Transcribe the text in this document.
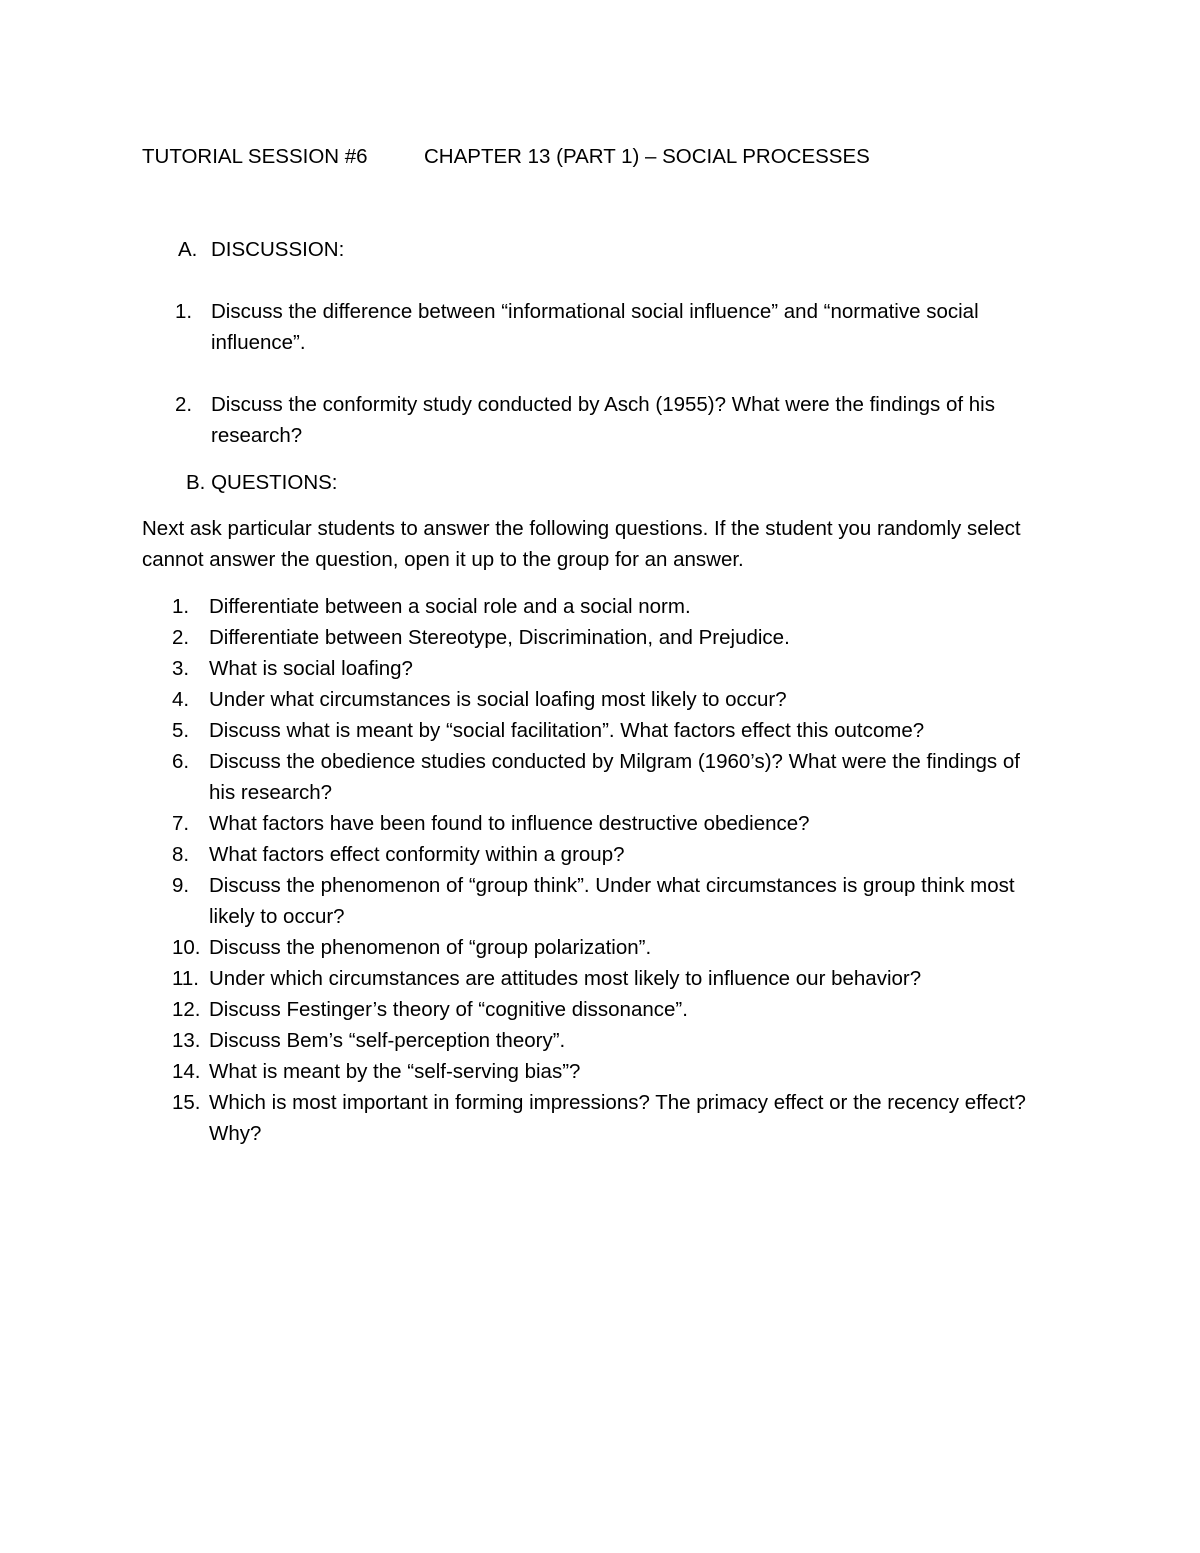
TUTORIAL SESSION #6	CHAPTER 13 (PART 1) – SOCIAL PROCESSES
A. DISCUSSION:
1. Discuss the difference between “informational social influence” and “normative social influence”.
2. Discuss the conformity study conducted by Asch (1955)? What were the findings of his research?
B. QUESTIONS:
Next ask particular students to answer the following questions. If the student you randomly select cannot answer the question, open it up to the group for an answer.
1. Differentiate between a social role and a social norm.
2. Differentiate between Stereotype, Discrimination, and Prejudice.
3. What is social loafing?
4. Under what circumstances is social loafing most likely to occur?
5. Discuss what is meant by “social facilitation”. What factors effect this outcome?
6. Discuss the obedience studies conducted by Milgram (1960’s)? What were the findings of his research?
7. What factors have been found to influence destructive obedience?
8. What factors effect conformity within a group?
9. Discuss the phenomenon of “group think”. Under what circumstances is group think most likely to occur?
10. Discuss the phenomenon of “group polarization”.
11. Under which circumstances are attitudes most likely to influence our behavior?
12. Discuss Festinger’s theory of “cognitive dissonance”.
13. Discuss Bem’s “self-perception theory”.
14. What is meant by the “self-serving bias”?
15. Which is most important in forming impressions? The primacy effect or the recency effect? Why?
